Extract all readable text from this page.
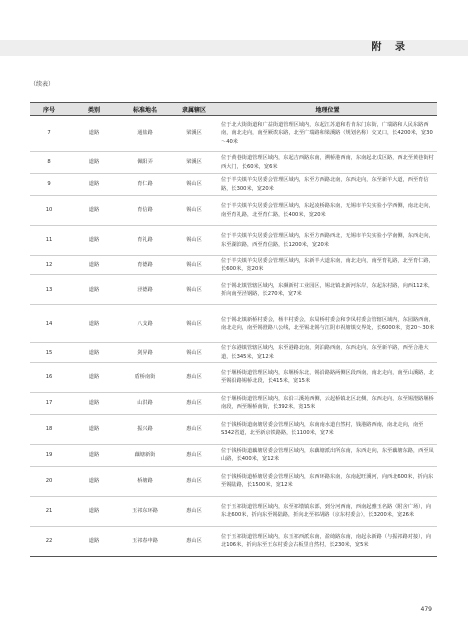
附 录
（续表）
序号	类别	标准地名	隶属辖区	地理位置
7	道路	通盐路	梁溪区	位于北大街街道和广益街道管理区域内，东起江苏道和若肯东门东街，广瑞路和人民东路西南，南北走向，南至厥诶东路，北至广瑞路和梁溪路（规划名称）交叉口，长4200米，宽30～40米
8	道路	佩阳弄	梁溪区	位于黄巷街道管理区域内，东起吉西路东南，溯桥港西南，东南起北戊区路，西北至黄巷街村西大门，长60米，宽6米
9	道路	育仁路	锡山区	位于羊尖镇羊尖居委会管理区域内，东至方西路北南，东西走向，东至新羊大道，西至育信路，长300米，宽20米
10	道路	育信路	锡山区	位于羊尖镇羊尖居委会管理区域内，东起凌桥路东南，无锡市羊尖实验小学西侧，南北走向，南至育礼路，北至育仁路，长400米，宽20米
11	道路	育礼路	锡山区	位于羊尖镇羊尖居委会管理区域内，东至方西路西北，无锡市羊尖实验小学南侧，东西走向，东至湖滨路，西至育信路，长1200米，宽20米
12	道路	育德路	锡山区	位于羊尖镇羊尖居委会管理区域内，东新羊大道东南，南北走向，南至育礼路，北至育仁路，长600米，宽20米
13	道路	泾德路	锡山区	位于锡北镇管辖区域内，东濒新村工业园区，锡北镇北新河东岸，东起东村路，向西112米，折向南至泾钢路，长270米，宽7米
14	道路	八支路	锡山区	位于锡北镇新桥村委会，杨丰村委会，东局桥村委会和李凤村委会管辖区域内，东园路西南，南北走向，南至锡澄路八公线，北至锡北锡与江阴市祝塘镇交界处，长6000米，宽20～30米
15	道路	剑昇路	锡山区	位于东港镇管辖区域内，东至港路北南，剑泊路西南，东西走向，东至新羊路，西至合港大道，长345米，宽12米
16	道路	盾桥南街	惠山区	位于堰桥街道管理区域内，东堰桥东北，锡沿路路两侧区段西南，南北走向，南至山溪路，北至锡沿路锡桥北段，长415米，宽15米
17	道路	山洪路	惠山区	位于堰桥街道管理区域内，东沿三溪苑西侧，云起桥镇北区北侧，东西走向，东至锡澄路堰桥南段，西至堰桥南街，长392米，宽15米
18	道路	振兴路	惠山区	位于钱桥街道南塘居委会管理区域内，东南南水道自然村，钱港路西南，南北走向，南至S342省道，北至新京铁路路，长1100米，宽7米
19	道路	藕塘新街	惠山区	位于钱桥街道藕塘居委会管理区域内，东藕塘派出所东南，东西走向，东至藕塘东路，西至凤山路，长400米，宽12米
20	道路	桥塘路	惠山区	位于钱桥街道桥塘居委会管理区域内，东西环路东南，东南起旺溪河，向西北600米，折向东至锡陆路，长1500米，宽12米
21	道路	玉祁东环路	惠山区	位于玉祁街道管理区域内，东至祁墩镇东部，到分河西南，西南起雅玉名路（附舍广场），向东北600米，折向东至锡陆路，折向北至祁胡路（京东村委会），长3200米，宽26米
22	道路	玉祁春申路	惠山区	位于玉祁街道管理区域内，东玉祁西派东南，盈绮路东南，南起永新路（与振祁路对接），向北106米，折向东至王东村委会古板里自然村，长230米，宽5米
479
